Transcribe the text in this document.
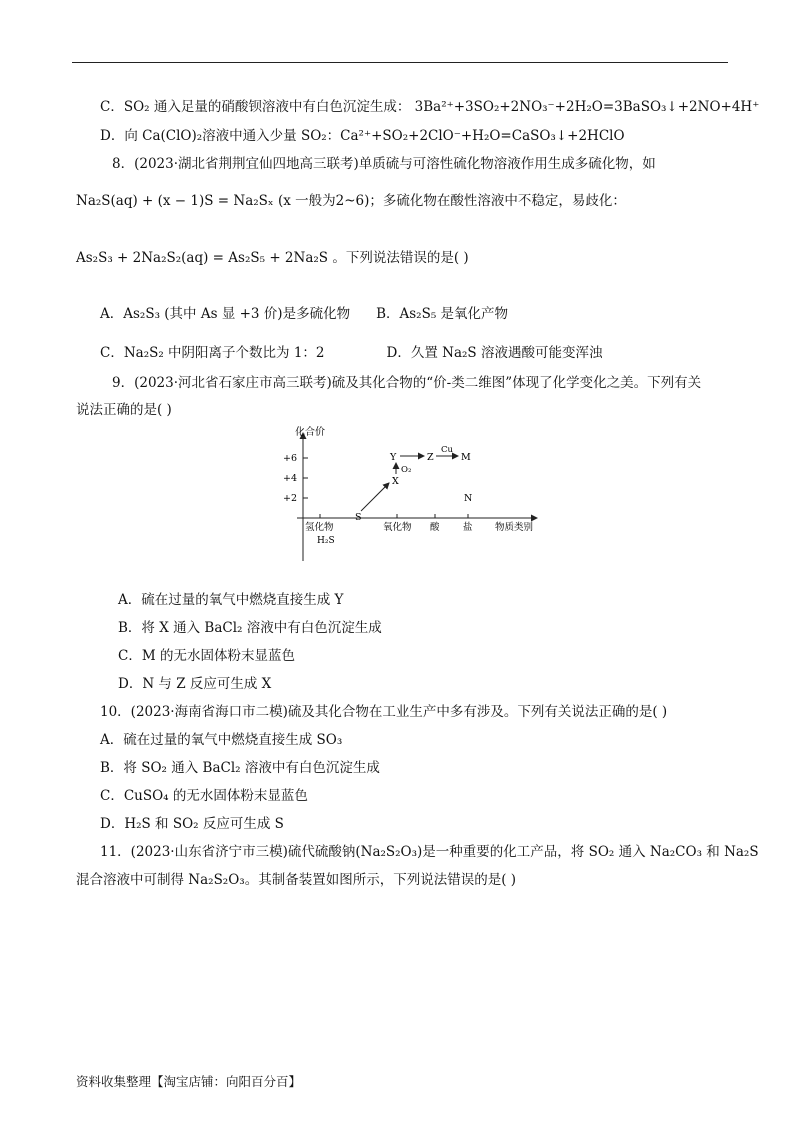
C．SO₂ 通入足量的硝酸钡溶液中有白色沉淀生成： 3Ba²⁺+3SO₂+2NO₃⁻+2H₂O=3BaSO₃↓+2NO+4H⁺
D．向 Ca(ClO)₂溶液中通入少量 SO₂：Ca²⁺+SO₂+2ClO⁻+H₂O=CaSO₃↓+2HClO
8．(2023·湖北省荆荆宜仙四地高三联考)单质硫与可溶性硫化物溶液作用生成多硫化物，如
Na₂S(aq) + (x − 1)S = Na₂Sₓ (x 一般为2~6)；多硫化物在酸性溶液中不稳定，易歧化：
As₂S₃ + 2Na₂S₂(aq) = As₂S₅ + 2Na₂S 。下列说法错误的是( )
A．As₂S₃ (其中 As 显 +3 价)是多硫化物 B．As₂S₅ 是氧化产物
C．Na₂S₂ 中阴阳离子个数比为 1：2	D．久置 Na₂S 溶液遇酸可能变浑浊
9．(2023·河北省石家庄市高三联考)硫及其化合物的“价-类二维图”体现了化学变化之美。下列有关
说法正确的是( )
化合价
+6
+4
+2
氢化物	氧化物 酸 盐 物质类别
H₂S
S
X
Y
O₂
Z
Cu
M
N
A．硫在过量的氧气中燃烧直接生成 Y
B．将 X 通入 BaCl₂ 溶液中有白色沉淀生成
C．M 的无水固体粉末显蓝色
D．N 与 Z 反应可生成 X
10．(2023·海南省海口市二模)硫及其化合物在工业生产中多有涉及。下列有关说法正确的是( )
A．硫在过量的氧气中燃烧直接生成 SO₃
B．将 SO₂ 通入 BaCl₂ 溶液中有白色沉淀生成
C．CuSO₄ 的无水固体粉末显蓝色
D．H₂S 和 SO₂ 反应可生成 S
11．(2023·山东省济宁市三模)硫代硫酸钠(Na₂S₂O₃)是一种重要的化工产品，将 SO₂ 通入 Na₂CO₃ 和 Na₂S
混合溶液中可制得 Na₂S₂O₃。其制备装置如图所示，下列说法错误的是( )
资料收集整理【淘宝店铺：向阳百分百】
